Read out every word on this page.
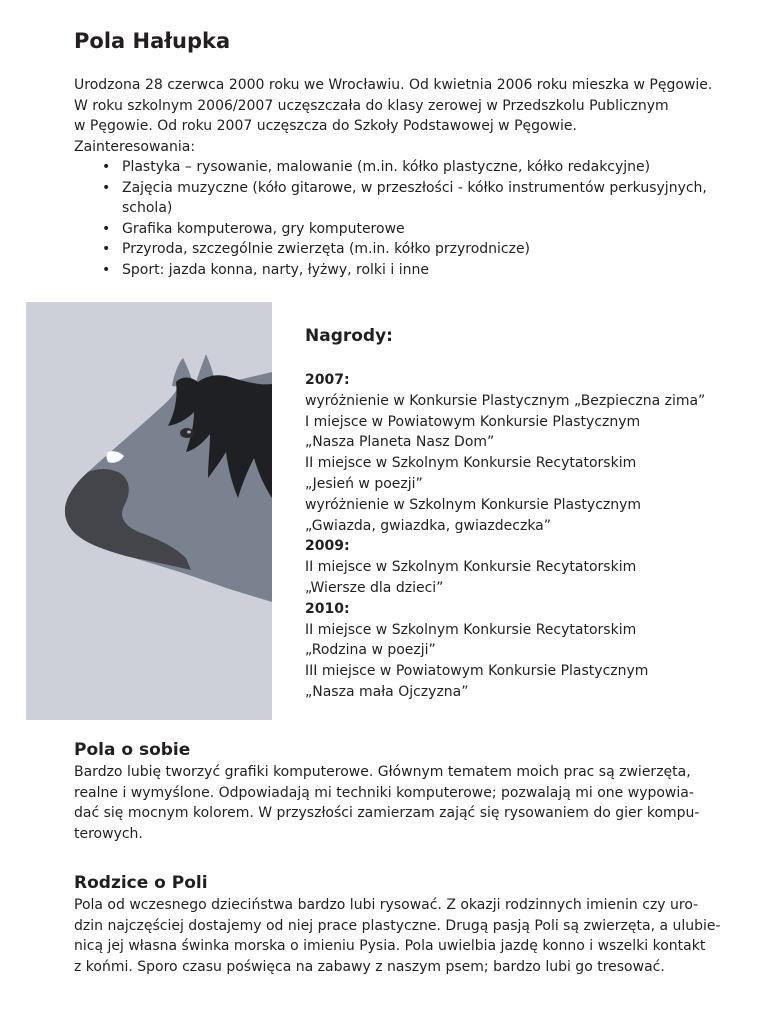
Pola Hałupka

Urodzona 28 czerwca 2000 roku we Wrocławiu. Od kwietnia 2006 roku mieszka w Pęgowie.

W roku szkolnym 2006/2007 uczęszczała do klasy zerowej w Przedszkolu Publicznym

w Pęgowie. Od roku 2007 uczęszcza do Szkoły Podstawowej w Pęgowie.

Zainteresowania:

• Plastyka – rysowanie, malowanie (m.in. kółko plastyczne, kółko redakcyjne)
• Zajęcia muzyczne (kóło gitarowe, w przeszłości - kółko instrumentów perkusyjnych,
schola)
• Grafika komputerowa, gry komputerowe
• Przyroda, szczególnie zwierzęta (m.in. kółko przyrodnicze)
• Sport: jazda konna, narty, łyżwy, rolki i inne
Nagrody:
2007:
wyróżnienie w Konkursie Plastycznym „Bezpieczna zima”
I miejsce w Powiatowym Konkursie Plastycznym
„Nasza Planeta Nasz Dom”
II miejsce w Szkolnym Konkursie Recytatorskim
„Jesień w poezji”
wyróżnienie w Szkolnym Konkursie Plastycznym
„Gwiazda, gwiazdka, gwiazdeczka”
2009:
II miejsce w Szkolnym Konkursie Recytatorskim
„Wiersze dla dzieci”
2010:
II miejsce w Szkolnym Konkursie Recytatorskim
„Rodzina w poezji”
III miejsce w Powiatowym Konkursie Plastycznym
„Nasza mała Ojczyzna”
Pola o sobie

Bardzo lubię tworzyć grafiki komputerowe. Głównym tematem moich prac są zwierzęta,

realne i wymyślone. Odpowiadają mi techniki komputerowe; pozwalają mi one wypowia-

dać się mocnym kolorem. W przyszłości zamierzam zająć się rysowaniem do gier kompu-

terowych.

Rodzice o Poli

Pola od wczesnego dzieciństwa bardzo lubi rysować. Z okazji rodzinnych imienin czy uro-

dzin najczęściej dostajemy od niej prace plastyczne. Drugą pasją Poli są zwierzęta, a ulubie-

nicą jej własna świnka morska o imieniu Pysia. Pola uwielbia jazdę konno i wszelki kontakt

z końmi. Sporo czasu poświęca na zabawy z naszym psem; bardzo lubi go tresować.
